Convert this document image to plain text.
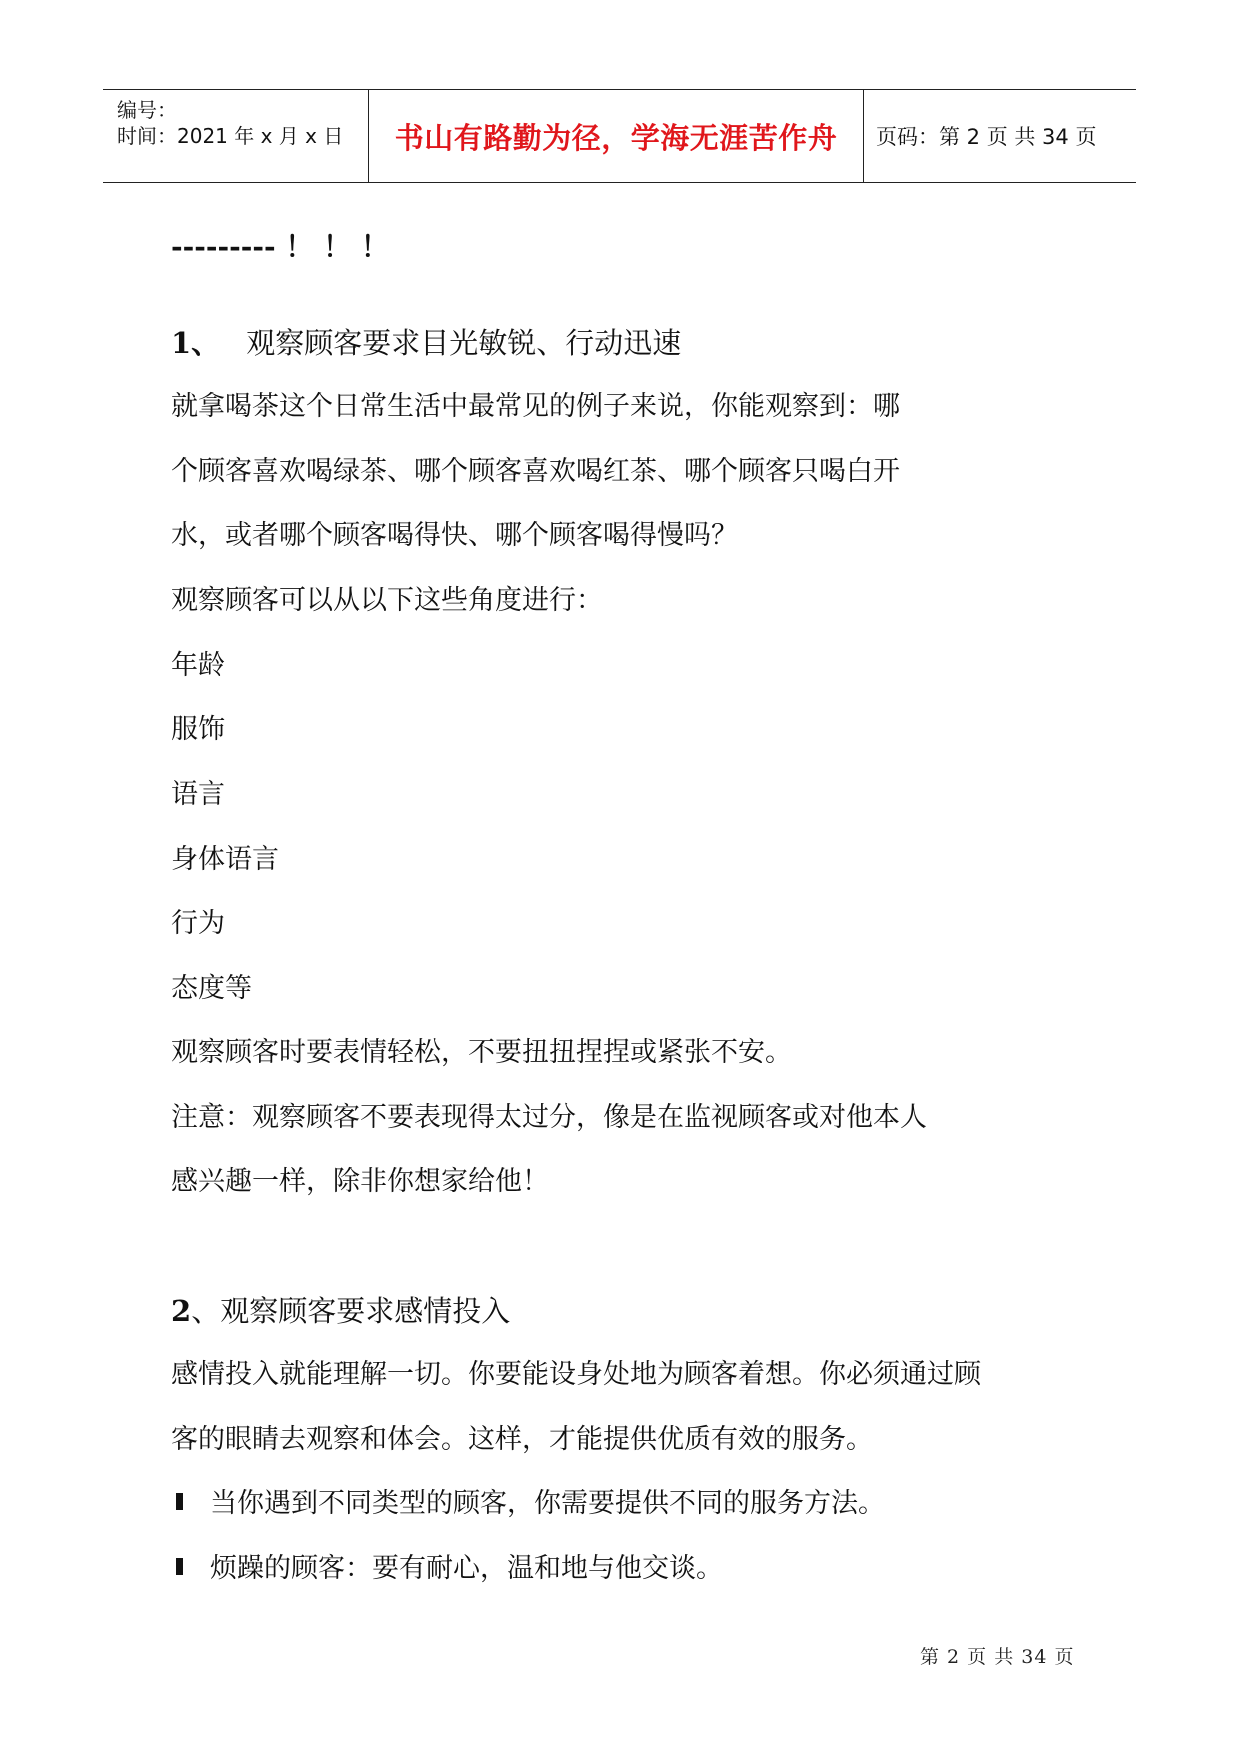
编号：
时间：2021 年 x 月 x 日 书山有路勤为径，学海无涯苦作舟 页码：第 2 页 共 34 页
--------- ！ ！ ！
1、 观察顾客要求目光敏锐、行动迅速
就拿喝茶这个日常生活中最常见的例子来说，你能观察到：哪
个顾客喜欢喝绿茶、哪个顾客喜欢喝红茶、哪个顾客只喝白开
水，或者哪个顾客喝得快、哪个顾客喝得慢吗？
观察顾客可以从以下这些角度进行：
年龄
服饰
语言
身体语言
行为
态度等
观察顾客时要表情轻松，不要扭扭捏捏或紧张不安。
注意：观察顾客不要表现得太过分，像是在监视顾客或对他本人
感兴趣一样，除非你想家给他！
2、观察顾客要求感情投入
感情投入就能理解一切。你要能设身处地为顾客着想。你必须通过顾
客的眼睛去观察和体会。这样，才能提供优质有效的服务。
当你遇到不同类型的顾客，你需要提供不同的服务方法。
烦躁的顾客：要有耐心，温和地与他交谈。
第 2 页 共 34 页
